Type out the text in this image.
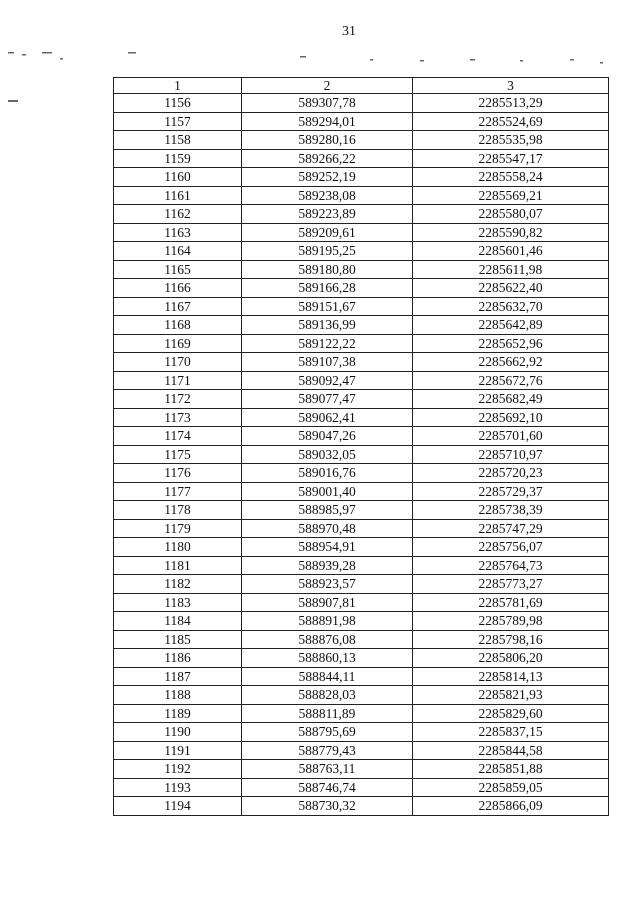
31
1	2	3
1156	589307,78	2285513,29
1157	589294,01	2285524,69
1158	589280,16	2285535,98
1159	589266,22	2285547,17
1160	589252,19	2285558,24
1161	589238,08	2285569,21
1162	589223,89	2285580,07
1163	589209,61	2285590,82
1164	589195,25	2285601,46
1165	589180,80	2285611,98
1166	589166,28	2285622,40
1167	589151,67	2285632,70
1168	589136,99	2285642,89
1169	589122,22	2285652,96
1170	589107,38	2285662,92
1171	589092,47	2285672,76
1172	589077,47	2285682,49
1173	589062,41	2285692,10
1174	589047,26	2285701,60
1175	589032,05	2285710,97
1176	589016,76	2285720,23
1177	589001,40	2285729,37
1178	588985,97	2285738,39
1179	588970,48	2285747,29
1180	588954,91	2285756,07
1181	588939,28	2285764,73
1182	588923,57	2285773,27
1183	588907,81	2285781,69
1184	588891,98	2285789,98
1185	588876,08	2285798,16
1186	588860,13	2285806,20
1187	588844,11	2285814,13
1188	588828,03	2285821,93
1189	588811,89	2285829,60
1190	588795,69	2285837,15
1191	588779,43	2285844,58
1192	588763,11	2285851,88
1193	588746,74	2285859,05
1194	588730,32	2285866,09
